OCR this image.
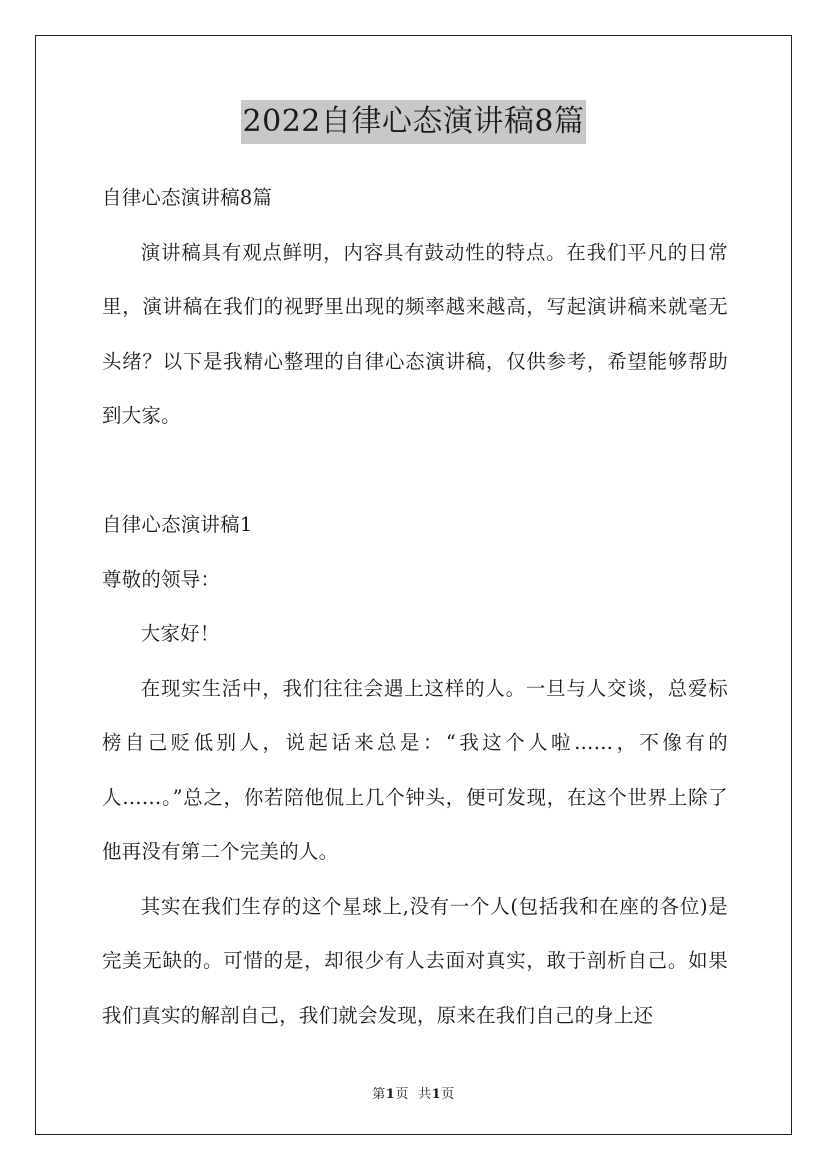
2022自律心态演讲稿8篇

自律心态演讲稿8篇

演讲稿具有观点鲜明，内容具有鼓动性的特点。在我们平凡的日常里，演讲稿在我们的视野里出现的频率越来越高，写起演讲稿来就毫无头绪？以下是我精心整理的自律心态演讲稿，仅供参考，希望能够帮助到大家。

自律心态演讲稿1

尊敬的领导：

大家好！

在现实生活中，我们往往会遇上这样的人。一旦与人交谈，总爱标榜自己贬低别人，说起话来总是：“我这个人啦……，不像有的人……。”总之，你若陪他侃上几个钟头，便可发现，在这个世界上除了他再没有第二个完美的人。

其实在我们生存的这个星球上,没有一个人(包括我和在座的各位)是完美无缺的。可惜的是，却很少有人去面对真实，敢于剖析自己。如果我们真实的解剖自己，我们就会发现，原来在我们自己的身上还

第1页 共1页
